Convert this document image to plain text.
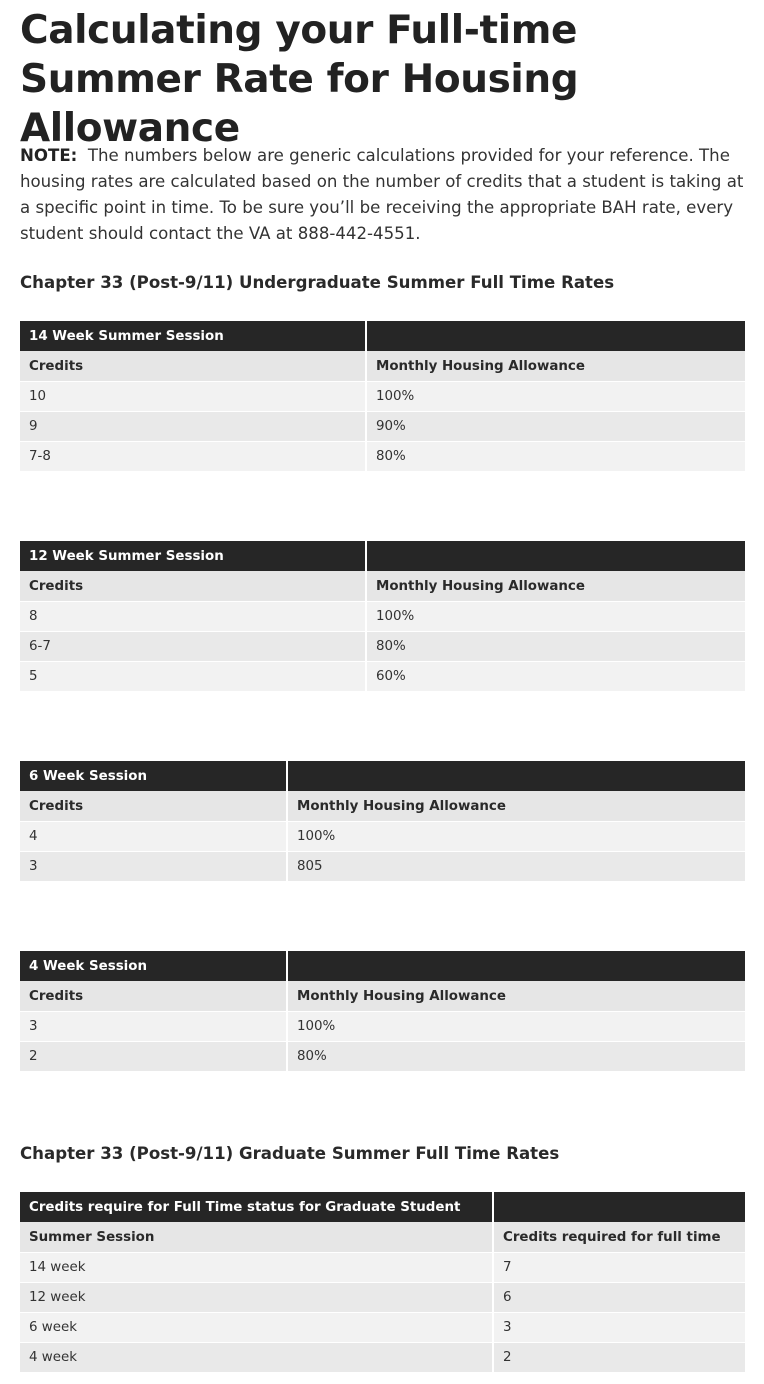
Calculating your Full-time Summer Rate for Housing Allowance

NOTE: The numbers below are generic calculations provided for your reference. The housing rates are calculated based on the number of credits that a student is taking at a specific point in time. To be sure you’ll be receiving the appropriate BAH rate, every student should contact the VA at 888-442-4551.

Chapter 33 (Post-9/11) Undergraduate Summer Full Time Rates
14 Week Summer Session	
Credits	Monthly Housing Allowance
10	100%
9	90%
7-8	80%
12 Week Summer Session	
Credits	Monthly Housing Allowance
8	100%
6-7	80%
5	60%
6 Week Session	
Credits	Monthly Housing Allowance
4	100%
3	805
4 Week Session	
Credits	Monthly Housing Allowance
3	100%
2	80%
Chapter 33 (Post-9/11) Graduate Summer Full Time Rates
Credits require for Full Time status for Graduate Student	
Summer Session	Credits required for full time
14 week	7
12 week	6
6 week	3
4 week	2
